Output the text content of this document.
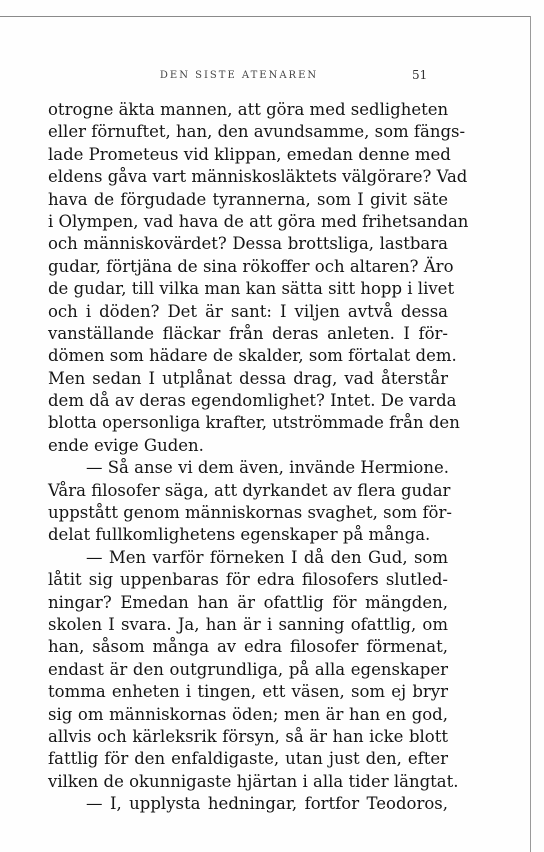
DEN SISTE ATENAREN	51
otrogne äkta mannen, att göra med sedligheten
eller förnuftet, han, den avundsamme, som fängs-
lade Prometeus vid klippan, emedan denne med
eldens gåva vart människosläktets välgörare? Vad
hava de förgudade tyrannerna, som I givit säte
i Olympen, vad hava de att göra med frihetsandan
och människovärdet? Dessa brottsliga, lastbara
gudar, förtjäna de sina rökoffer och altaren? Äro
de gudar, till vilka man kan sätta sitt hopp i livet
och i döden? Det är sant: I viljen avtvå dessa
vanställande fläckar från deras anleten. I för-
dömen som hädare de skalder, som förtalat dem.
Men sedan I utplånat dessa drag, vad återstår
dem då av deras egendomlighet? Intet. De varda
blotta opersonliga krafter, utströmmade från den
ende evige Guden.
— Så anse vi dem även, invände Hermione.
Våra filosofer säga, att dyrkandet av flera gudar
uppstått genom människornas svaghet, som för-
delat fullkomlighetens egenskaper på många.
— Men varför förneken I då den Gud, som
låtit sig uppenbaras för edra filosofers slutled-
ningar? Emedan han är ofattlig för mängden,
skolen I svara. Ja, han är i sanning ofattlig, om
han, såsom många av edra filosofer förmenat,
endast är den outgrundliga, på alla egenskaper
tomma enheten i tingen, ett väsen, som ej bryr
sig om människornas öden; men är han en god,
allvis och kärleksrik försyn, så är han icke blott
fattlig för den enfaldigaste, utan just den, efter
vilken de okunnigaste hjärtan i alla tider längtat.
— I, upplysta hedningar, fortfor Teodoros,
